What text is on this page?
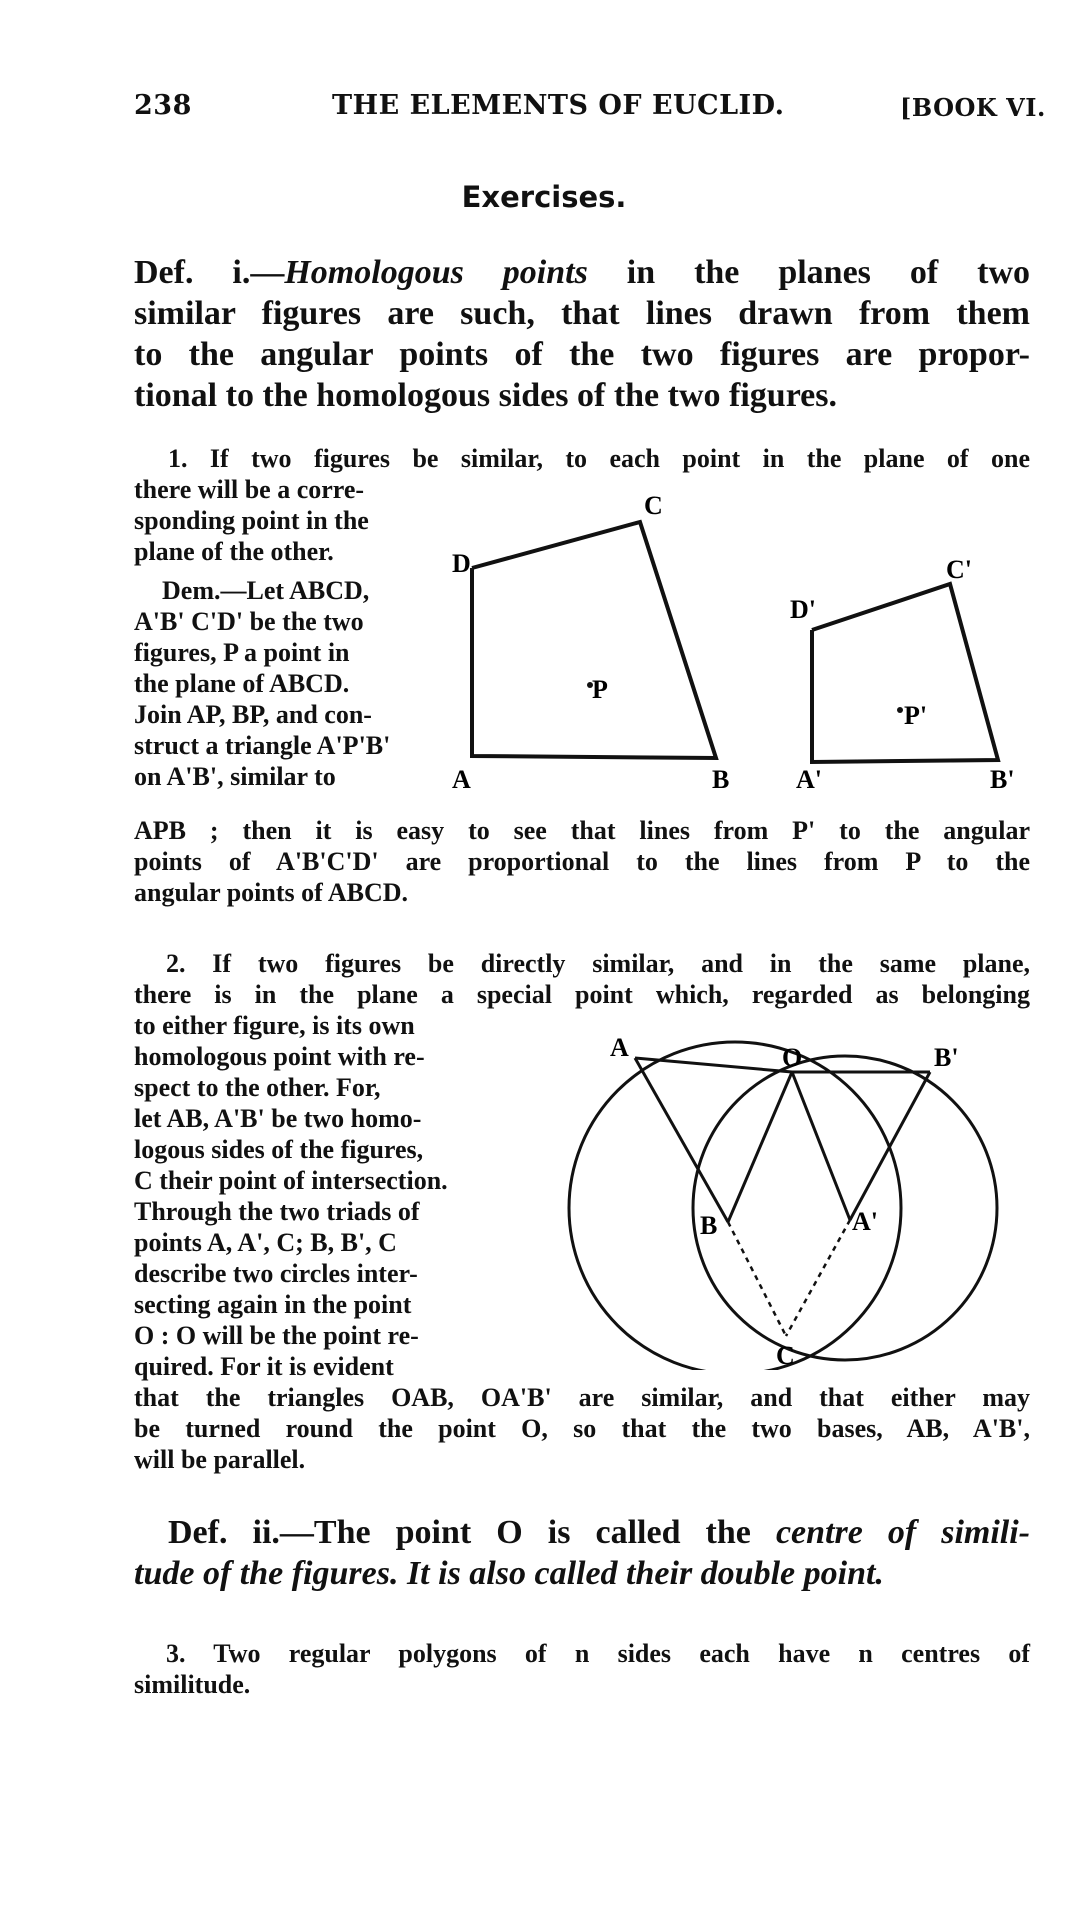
238	THE ELEMENTS OF EUCLID.	[BOOK VI.
Exercises.
Def. i.—Homologous points in the planes of two
similar figures are such, that lines drawn from them
to the angular points of the two figures are propor-
tional to the homologous sides of the two figures.
1. If two figures be similar, to each point in the plane of one
there will be a corre-
sponding point in the
plane of the other.
Dem.—Let ABCD,
A'B' C'D' be the two
figures, P a point in
the plane of ABCD.
Join AP, BP, and con-
struct a triangle A'P'B'
on A'B', similar to
C
D
P
A	B
D'
C'
P'
A'	B'
APB ; then it is easy to see that lines from P' to the angular
points of A'B'C'D' are proportional to the lines from P to the
angular points of ABCD.
2. If two figures be directly similar, and in the same plane,
there is in the plane a special point which, regarded as belonging
to either figure, is its own
homologous point with re-
spect to the other. For,
let AB, A'B' be two homo-
logous sides of the figures,
C their point of intersection.
Through the two triads of
points A, A', C; B, B', C
describe two circles inter-
secting again in the point
O : O will be the point re-
quired. For it is evident
A	O	B'
B	A'
C
that the triangles OAB, OA'B' are similar, and that either may
be turned round the point O, so that the two bases, AB, A'B',
will be parallel.
Def. ii.—The point O is called the centre of simili-
tude of the figures. It is also called their double point.
3. Two regular polygons of n sides each have n centres of
similitude.
